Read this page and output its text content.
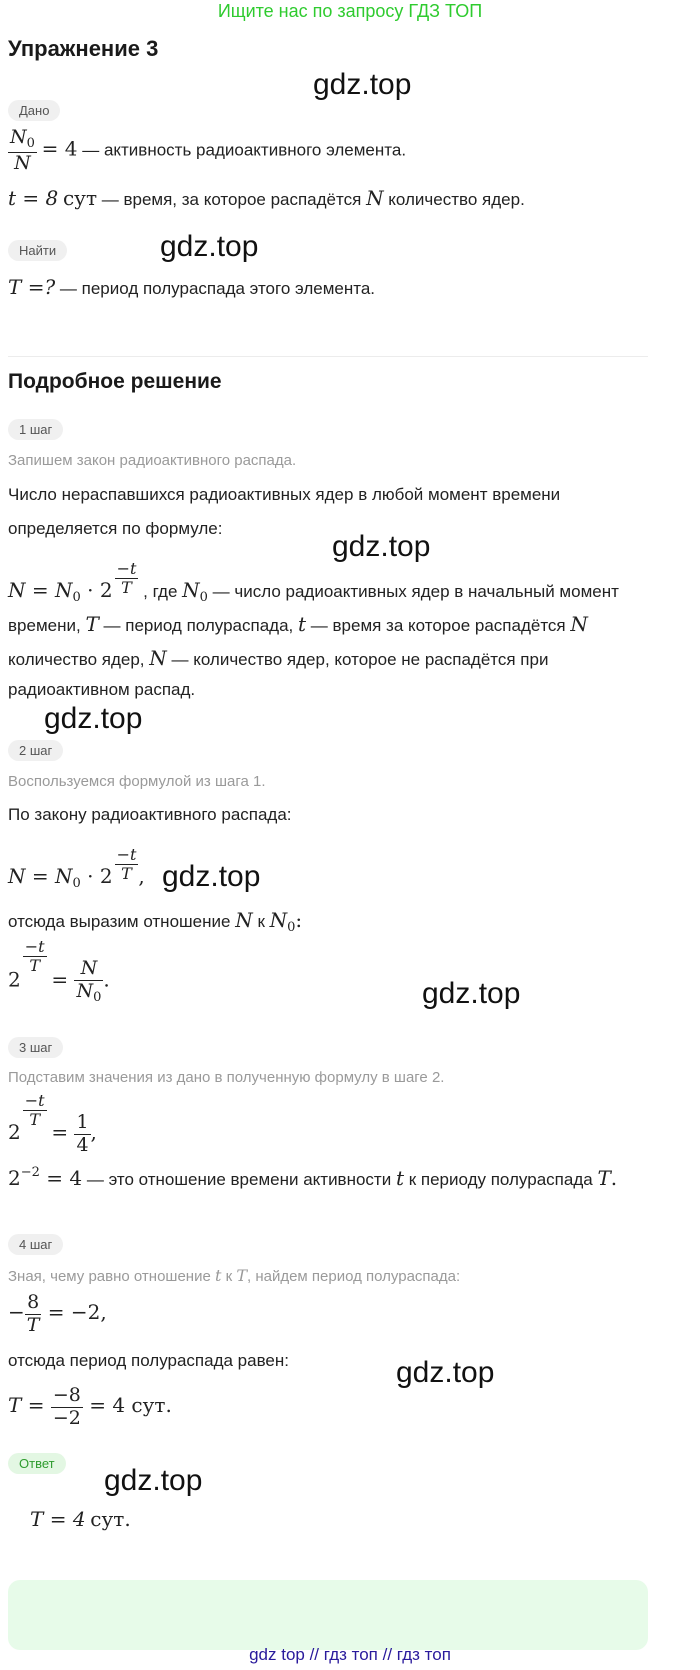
Ищите нас по запросу ГДЗ ТОП
Упражнение 3
gdz.top
Дано
$\frac{N_0}{N} = 4$ — активность радиоактивного элемента.
t = 8 сут — время, за которое распадётся N количество ядер.
Найти	gdz.top
T =? — период полураспада этого элемента.
Подробное решение
1 шаг
Запишем закон радиоактивного распада.
Число нераспавшихся радиоактивных ядер в любой момент времени
определяется по формуле:
gdz.top
$N = N_0 \cdot 2 \frac{-t}{T}$ , где $N_0$ — число радиоактивных ядер в начальный момент
времени, T — период полураспада, t — время за которое распадётся N
количество ядер, N — количество ядер, которое не распадётся при
радиоактивном распад.
gdz.top
2 шаг
Воспользуемся формулой из шага 1.
По закону радиоактивного распада:
$N = N_0 \cdot 2 \frac{-t}{T}$ , gdz.top
отсюда выразим отношение N к $N_0$:
2
$\frac{-t}{T}$
= $\frac{N}{N_0}$ .	gdz.top
3 шаг
Подставим значения из дано в полученную формулу в шаге 2.
2
$\frac{-t}{T}$
= $\frac{1}{4}$ ,
$2^{-2} = 4$ — это отношение времени активности t к периоду полураспада T.
4 шаг
Зная, чему равно отношение t к T, найдем период полураспада:
− $\frac{8}{T} = -2$,
отсюда период полураспада равен:	gdz.top
$T = \frac{-8}{-2} = 4$ сут.
Ответ
gdz.top
T = 4 сут.
gdz top // гдз топ // гдз топ
